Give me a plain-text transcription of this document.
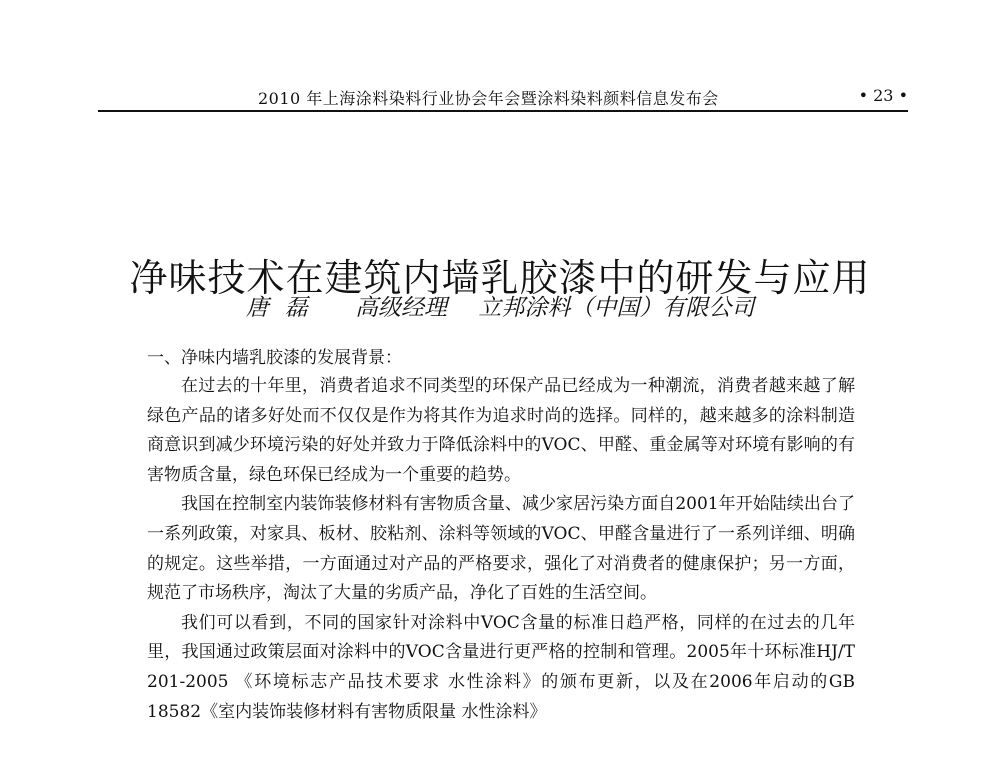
2010 年上海涂料染料行业协会年会暨涂料染料颜料信息发布会	• 23 •
净味技术在建筑内墙乳胶漆中的研发与应用
唐磊 高级经理 立邦涂料（中国）有限公司
一、净味内墙乳胶漆的发展背景：

在过去的十年里，消费者追求不同类型的环保产品已经成为一种潮流，消费者越来越了解绿色产品的诸多好处而不仅仅是作为将其作为追求时尚的选择。同样的，越来越多的涂料制造商意识到减少环境污染的好处并致力于降低涂料中的VOC、甲醛、重金属等对环境有影响的有害物质含量，绿色环保已经成为一个重要的趋势。

我国在控制室内装饰装修材料有害物质含量、减少家居污染方面自2001年开始陆续出台了一系列政策，对家具、板材、胶粘剂、涂料等领域的VOC、甲醛含量进行了一系列详细、明确的规定。这些举措，一方面通过对产品的严格要求，强化了对消费者的健康保护；另一方面，规范了市场秩序，淘汰了大量的劣质产品，净化了百姓的生活空间。

我们可以看到，不同的国家针对涂料中VOC含量的标准日趋严格，同样的在过去的几年里，我国通过政策层面对涂料中的VOC含量进行更严格的控制和管理。2005年十环标准HJ/T 201-2005 《环境标志产品技术要求 水性涂料》的颁布更新，以及在2006年启动的GB 18582《室内装饰装修材料有害物质限量 水性涂料》
